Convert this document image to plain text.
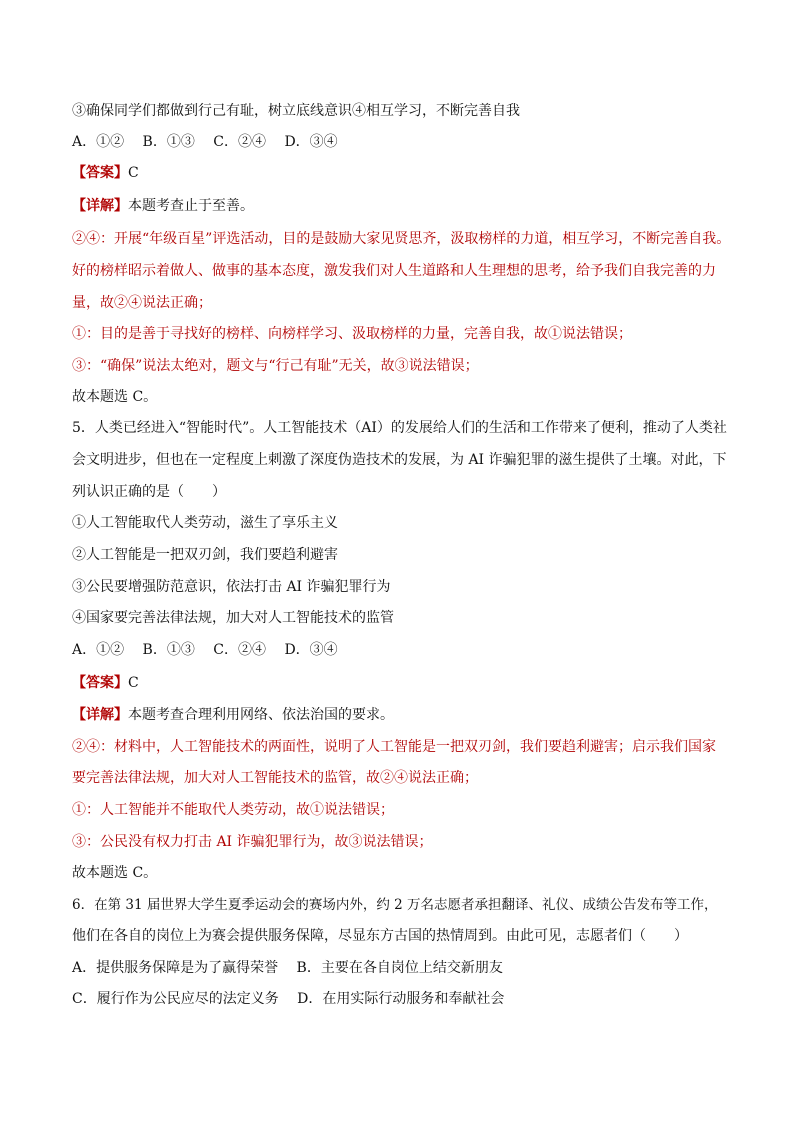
③确保同学们都做到行己有耻，树立底线意识④相互学习，不断完善自我
A．①②　 B．①③　 C．②④　 D．③④
【答案】C
【详解】本题考查止于至善。
②④：开展“年级百星”评选活动，目的是鼓励大家见贤思齐，汲取榜样的力道，相互学习，不断完善自我。
好的榜样昭示着做人、做事的基本态度，激发我们对人生道路和人生理想的思考，给予我们自我完善的力
量，故②④说法正确；
①：目的是善于寻找好的榜样、向榜样学习、汲取榜样的力量，完善自我，故①说法错误；
③：“确保”说法太绝对，题文与“行己有耻”无关，故③说法错误；
故本题选 C。
5．人类已经进入“智能时代”。人工智能技术（AI）的发展给人们的生活和工作带来了便利，推动了人类社
会文明进步，但也在一定程度上刺激了深度伪造技术的发展，为 AI 诈骗犯罪的滋生提供了土壤。对此，下
列认识正确的是（　　）
①人工智能取代人类劳动，滋生了享乐主义
②人工智能是一把双刃剑，我们要趋利避害
③公民要增强防范意识，依法打击 AI 诈骗犯罪行为
④国家要完善法律法规，加大对人工智能技术的监管
A．①②　 B．①③　 C．②④　 D．③④
【答案】C
【详解】本题考查合理利用网络、依法治国的要求。
②④：材料中，人工智能技术的两面性，说明了人工智能是一把双刃剑，我们要趋利避害；启示我们国家
要完善法律法规，加大对人工智能技术的监管，故②④说法正确；
①：人工智能并不能取代人类劳动，故①说法错误；
③：公民没有权力打击 AI 诈骗犯罪行为，故③说法错误；
故本题选 C。
6．在第 31 届世界大学生夏季运动会的赛场内外，约 2 万名志愿者承担翻译、礼仪、成绩公告发布等工作，
他们在各自的岗位上为赛会提供服务保障，尽显东方古国的热情周到。由此可见，志愿者们（　　）
A．提供服务保障是为了赢得荣誉　 B．主要在各自岗位上结交新朋友
C．履行作为公民应尽的法定义务　 D．在用实际行动服务和奉献社会
